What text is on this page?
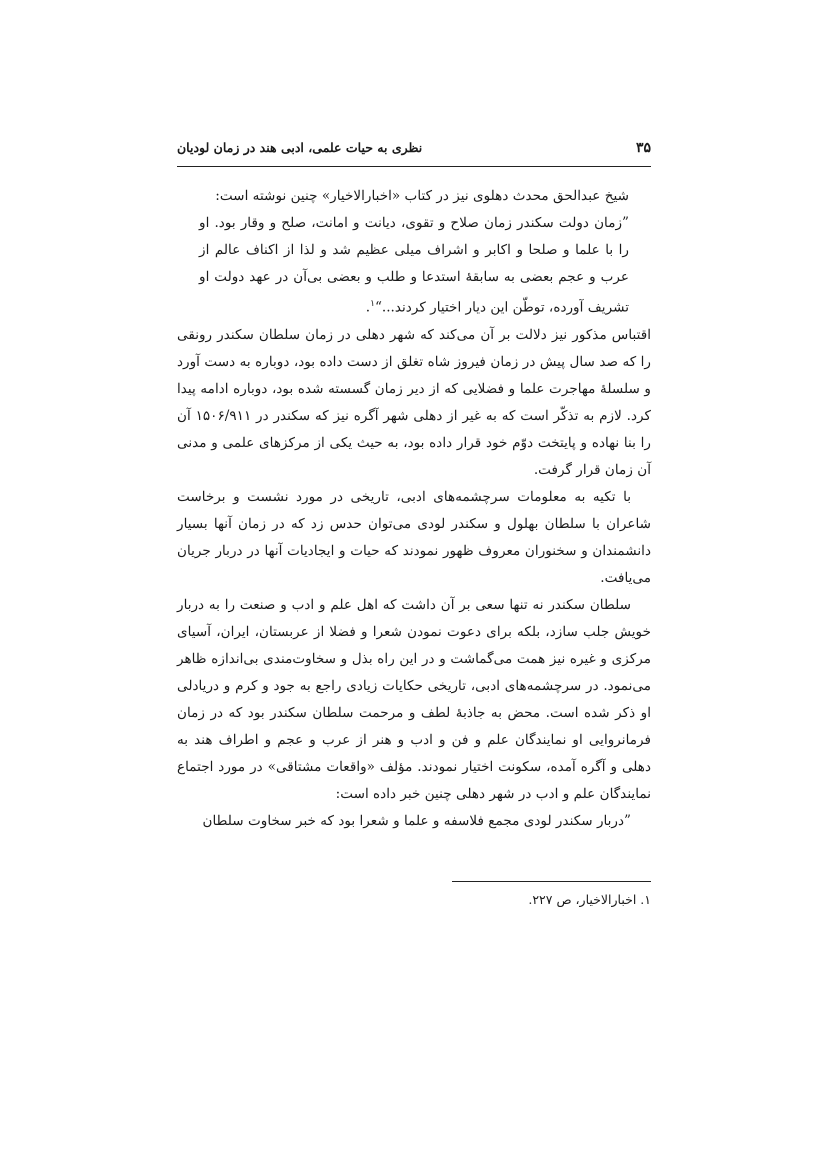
۳۵
نظری به حیات علمی، ادبی هند در زمان لودیان

شیخ عبدالحق محدث دهلوی نیز در کتاب «اخبارالاخیار» چنین نوشته است:

”زمان دولت سکندر زمان صلاح و تقوی، دیانت و امانت، صلح و وقار بود. او را با علما و صلحا و اکابر و اشراف میلی عظیم شد و لذا از اکناف عالم از عرب و عجم بعضی به سابقهٔ استدعا و طلب و بعضی بی‌آن در عهد دولت او تشریف آورده، توطّن این دیار اختیار کردند...“$^۱$.

اقتباس مذکور نیز دلالت بر آن می‌کند که شهر دهلی در زمان سلطان سکندر رونقی را که صد سال پیش در زمان فیروز شاه تغلق از دست داده بود، دوباره به دست آورد و سلسلهٔ مهاجرت علما و فضلایی که از دیر زمان گسسته شده بود، دوباره ادامه پیدا کرد. لازم به تذکّر است که به غیر از دهلی شهر آگره نیز که سکندر در ۱۵۰۶/۹۱۱ آن را بنا نهاده و پایتخت دوّم خود قرار داده بود، به حیث یکی از مرکزهای علمی و مدنی آن زمان قرار گرفت.

با تکیه به معلومات سرچشمه‌های ادبی، تاریخی در مورد نشست و برخاست شاعران با سلطان بهلول و سکندر لودی می‌توان حدس زد که در زمان آنها بسیار دانشمندان و سخنوران معروف ظهور نمودند که حیات و ایجادیات آنها در دربار جریان می‌یافت.

سلطان سکندر نه تنها سعی بر آن داشت که اهل علم و ادب و صنعت را به دربار خویش جلب سازد، بلکه برای دعوت نمودن شعرا و فضلا از عربستان، ایران، آسیای مرکزی و غیره نیز همت می‌گماشت و در این راه بذل و سخاوت‌مندی بی‌اندازه ظاهر می‌نمود. در سرچشمه‌های ادبی، تاریخی حکایات زیادی راجع به جود و کرم و دریادلی او ذکر شده است. محض به جاذبهٔ لطف و مرحمت سلطان سکندر بود که در زمان فرمانروایی او نمایندگان علم و فن و ادب و هنر از عرب و عجم و اطراف هند به دهلی و آگره آمده، سکونت اختیار نمودند. مؤلف «واقعات مشتاقی» در مورد اجتماع نمایندگان علم و ادب در شهر دهلی چنین خبر داده است:

”دربار سکندر لودی مجمع فلاسفه و علما و شعرا بود که خبر سخاوت سلطان

۱. اخبارالاخیار، ص ۲۲۷.
